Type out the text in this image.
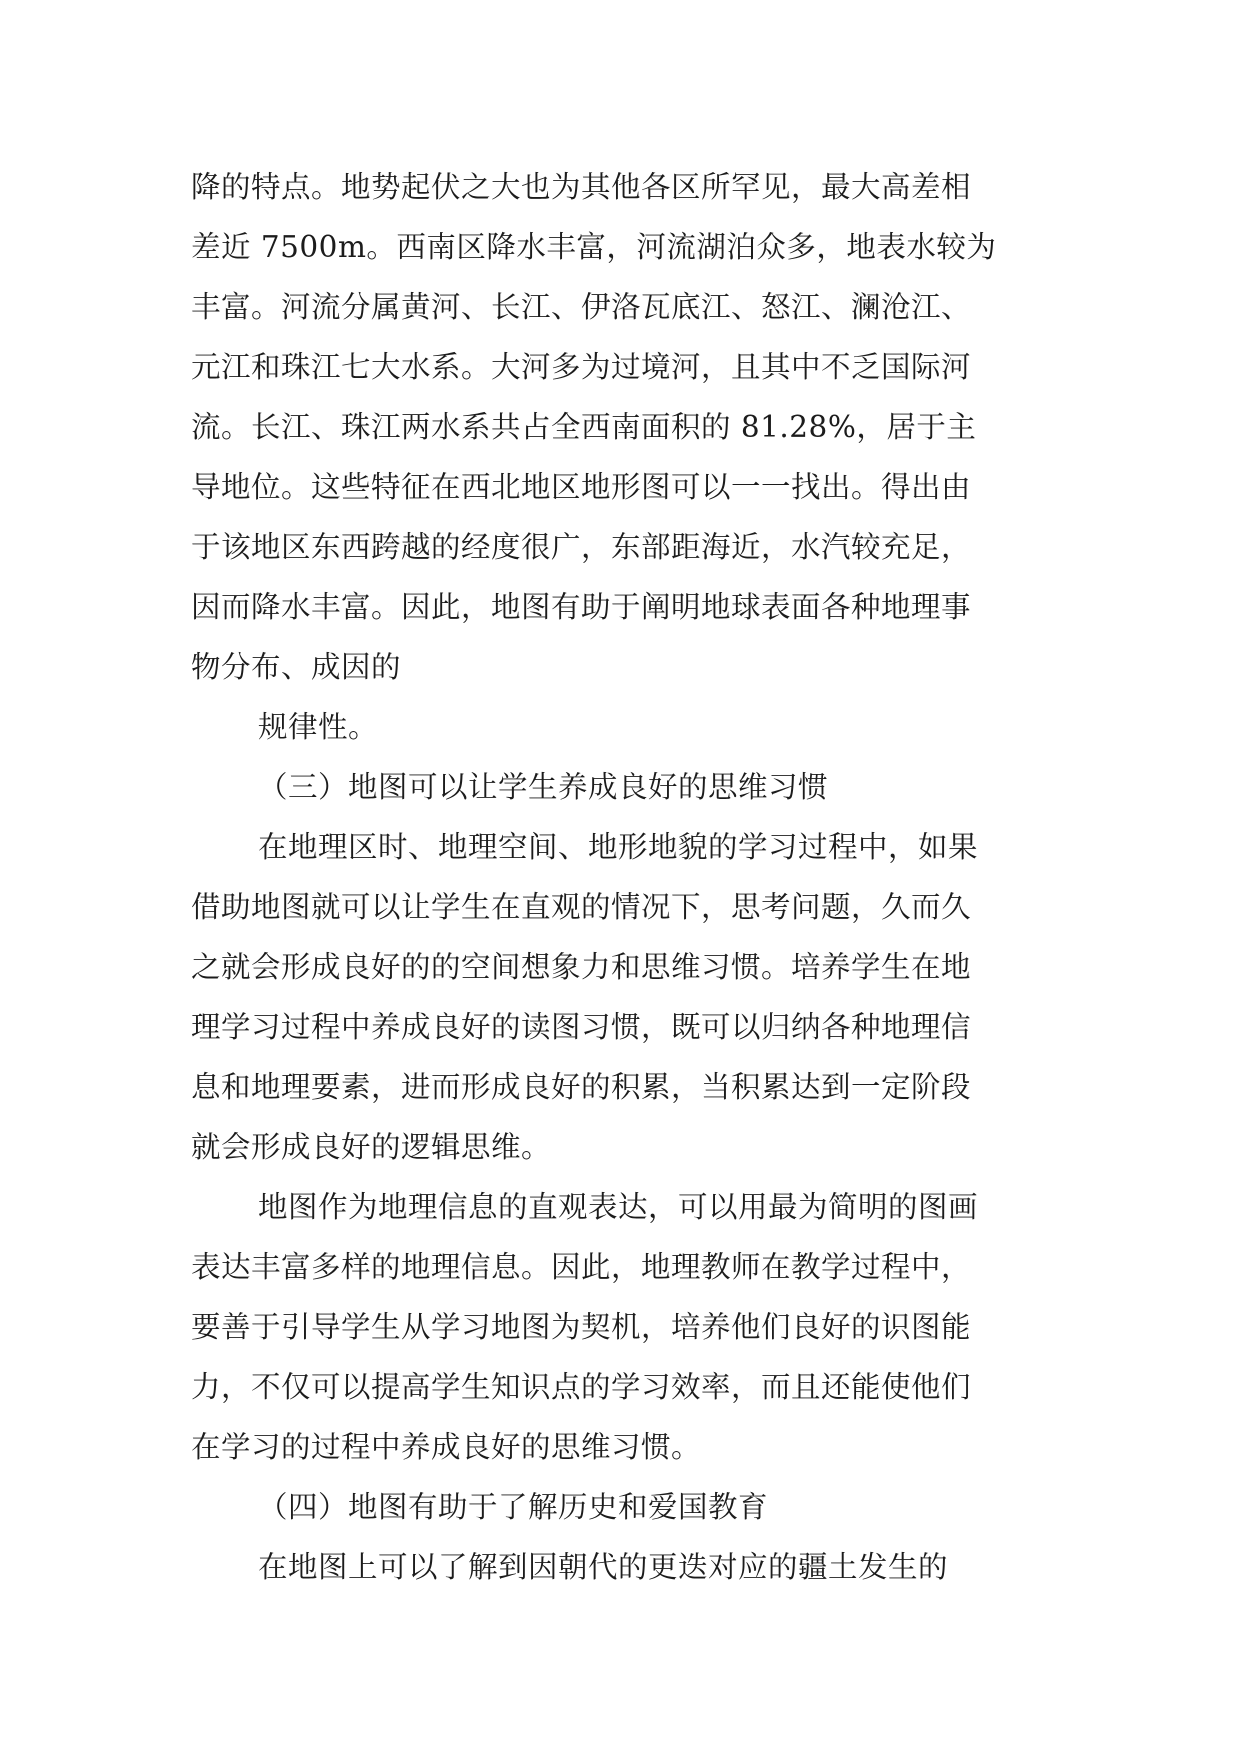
降的特点。地势起伏之大也为其他各区所罕见，最大高差相

差近 7500m。西南区降水丰富，河流湖泊众多，地表水较为

丰富。河流分属黄河、长江、伊洛瓦底江、怒江、澜沧江、

元江和珠江七大水系。大河多为过境河，且其中不乏国际河

流。长江、珠江两水系共占全西南面积的 81.28%，居于主

导地位。这些特征在西北地区地形图可以一一找出。得出由

于该地区东西跨越的经度很广，东部距海近，水汽较充足，

因而降水丰富。因此，地图有助于阐明地球表面各种地理事

物分布、成因的

规律性。

（三）地图可以让学生养成良好的思维习惯

在地理区时、地理空间、地形地貌的学习过程中，如果

借助地图就可以让学生在直观的情况下，思考问题，久而久

之就会形成良好的的空间想象力和思维习惯。培养学生在地

理学习过程中养成良好的读图习惯，既可以归纳各种地理信

息和地理要素，进而形成良好的积累，当积累达到一定阶段

就会形成良好的逻辑思维。

地图作为地理信息的直观表达，可以用最为简明的图画

表达丰富多样的地理信息。因此，地理教师在教学过程中，

要善于引导学生从学习地图为契机，培养他们良好的识图能

力，不仅可以提高学生知识点的学习效率，而且还能使他们

在学习的过程中养成良好的思维习惯。

（四）地图有助于了解历史和爱国教育

在地图上可以了解到因朝代的更迭对应的疆土发生的
